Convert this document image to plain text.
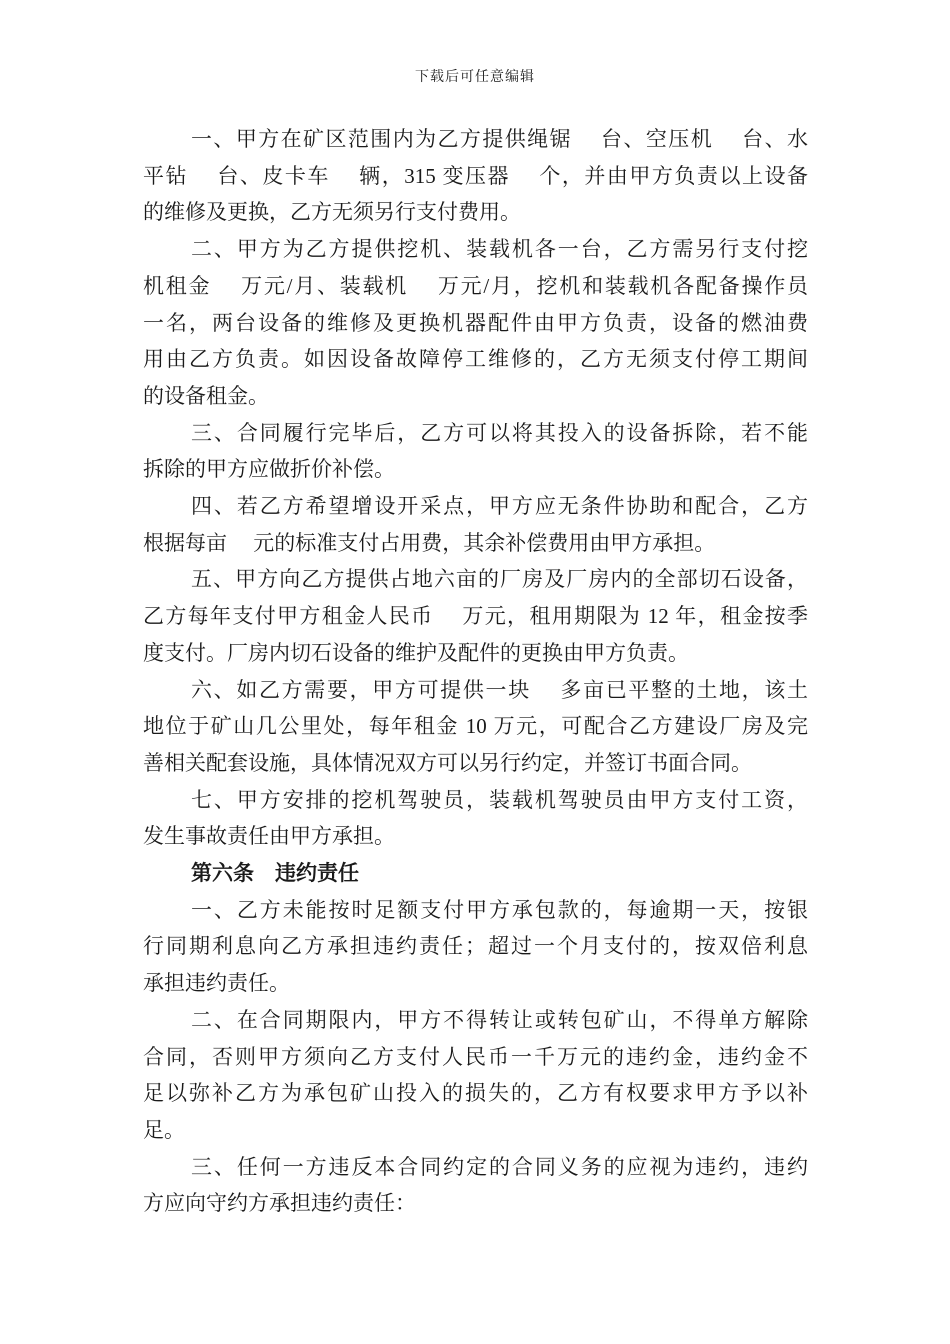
下载后可任意编辑
一、甲方在矿区范围内为乙方提供绳锯　 台、空压机　 台、水
平钻　 台、皮卡车　 辆，315 变压器　 个，并由甲方负责以上设备
的维修及更换，乙方无须另行支付费用。
二、甲方为乙方提供挖机、装载机各一台，乙方需另行支付挖
机租金　 万元/月、装载机　 万元/月，挖机和装载机各配备操作员
一名，两台设备的维修及更换机器配件由甲方负责，设备的燃油费
用由乙方负责。如因设备故障停工维修的，乙方无须支付停工期间
的设备租金。
三、合同履行完毕后，乙方可以将其投入的设备拆除，若不能
拆除的甲方应做折价补偿。
四、若乙方希望增设开采点，甲方应无条件协助和配合，乙方
根据每亩　 元的标准支付占用费，其余补偿费用由甲方承担。
五、甲方向乙方提供占地六亩的厂房及厂房内的全部切石设备，
乙方每年支付甲方租金人民币　 万元，租用期限为 12 年，租金按季
度支付。厂房内切石设备的维护及配件的更换由甲方负责。
六、如乙方需要，甲方可提供一块　 多亩已平整的土地，该土
地位于矿山几公里处，每年租金 10 万元，可配合乙方建设厂房及完
善相关配套设施，具体情况双方可以另行约定，并签订书面合同。
七、甲方安排的挖机驾驶员，装载机驾驶员由甲方支付工资，
发生事故责任由甲方承担。
第六条　违约责任
一、乙方未能按时足额支付甲方承包款的，每逾期一天，按银
行同期利息向乙方承担违约责任；超过一个月支付的，按双倍利息
承担违约责任。
二、在合同期限内，甲方不得转让或转包矿山，不得单方解除
合同，否则甲方须向乙方支付人民币一千万元的违约金，违约金不
足以弥补乙方为承包矿山投入的损失的，乙方有权要求甲方予以补
足。
三、任何一方违反本合同约定的合同义务的应视为违约，违约
方应向守约方承担违约责任：
